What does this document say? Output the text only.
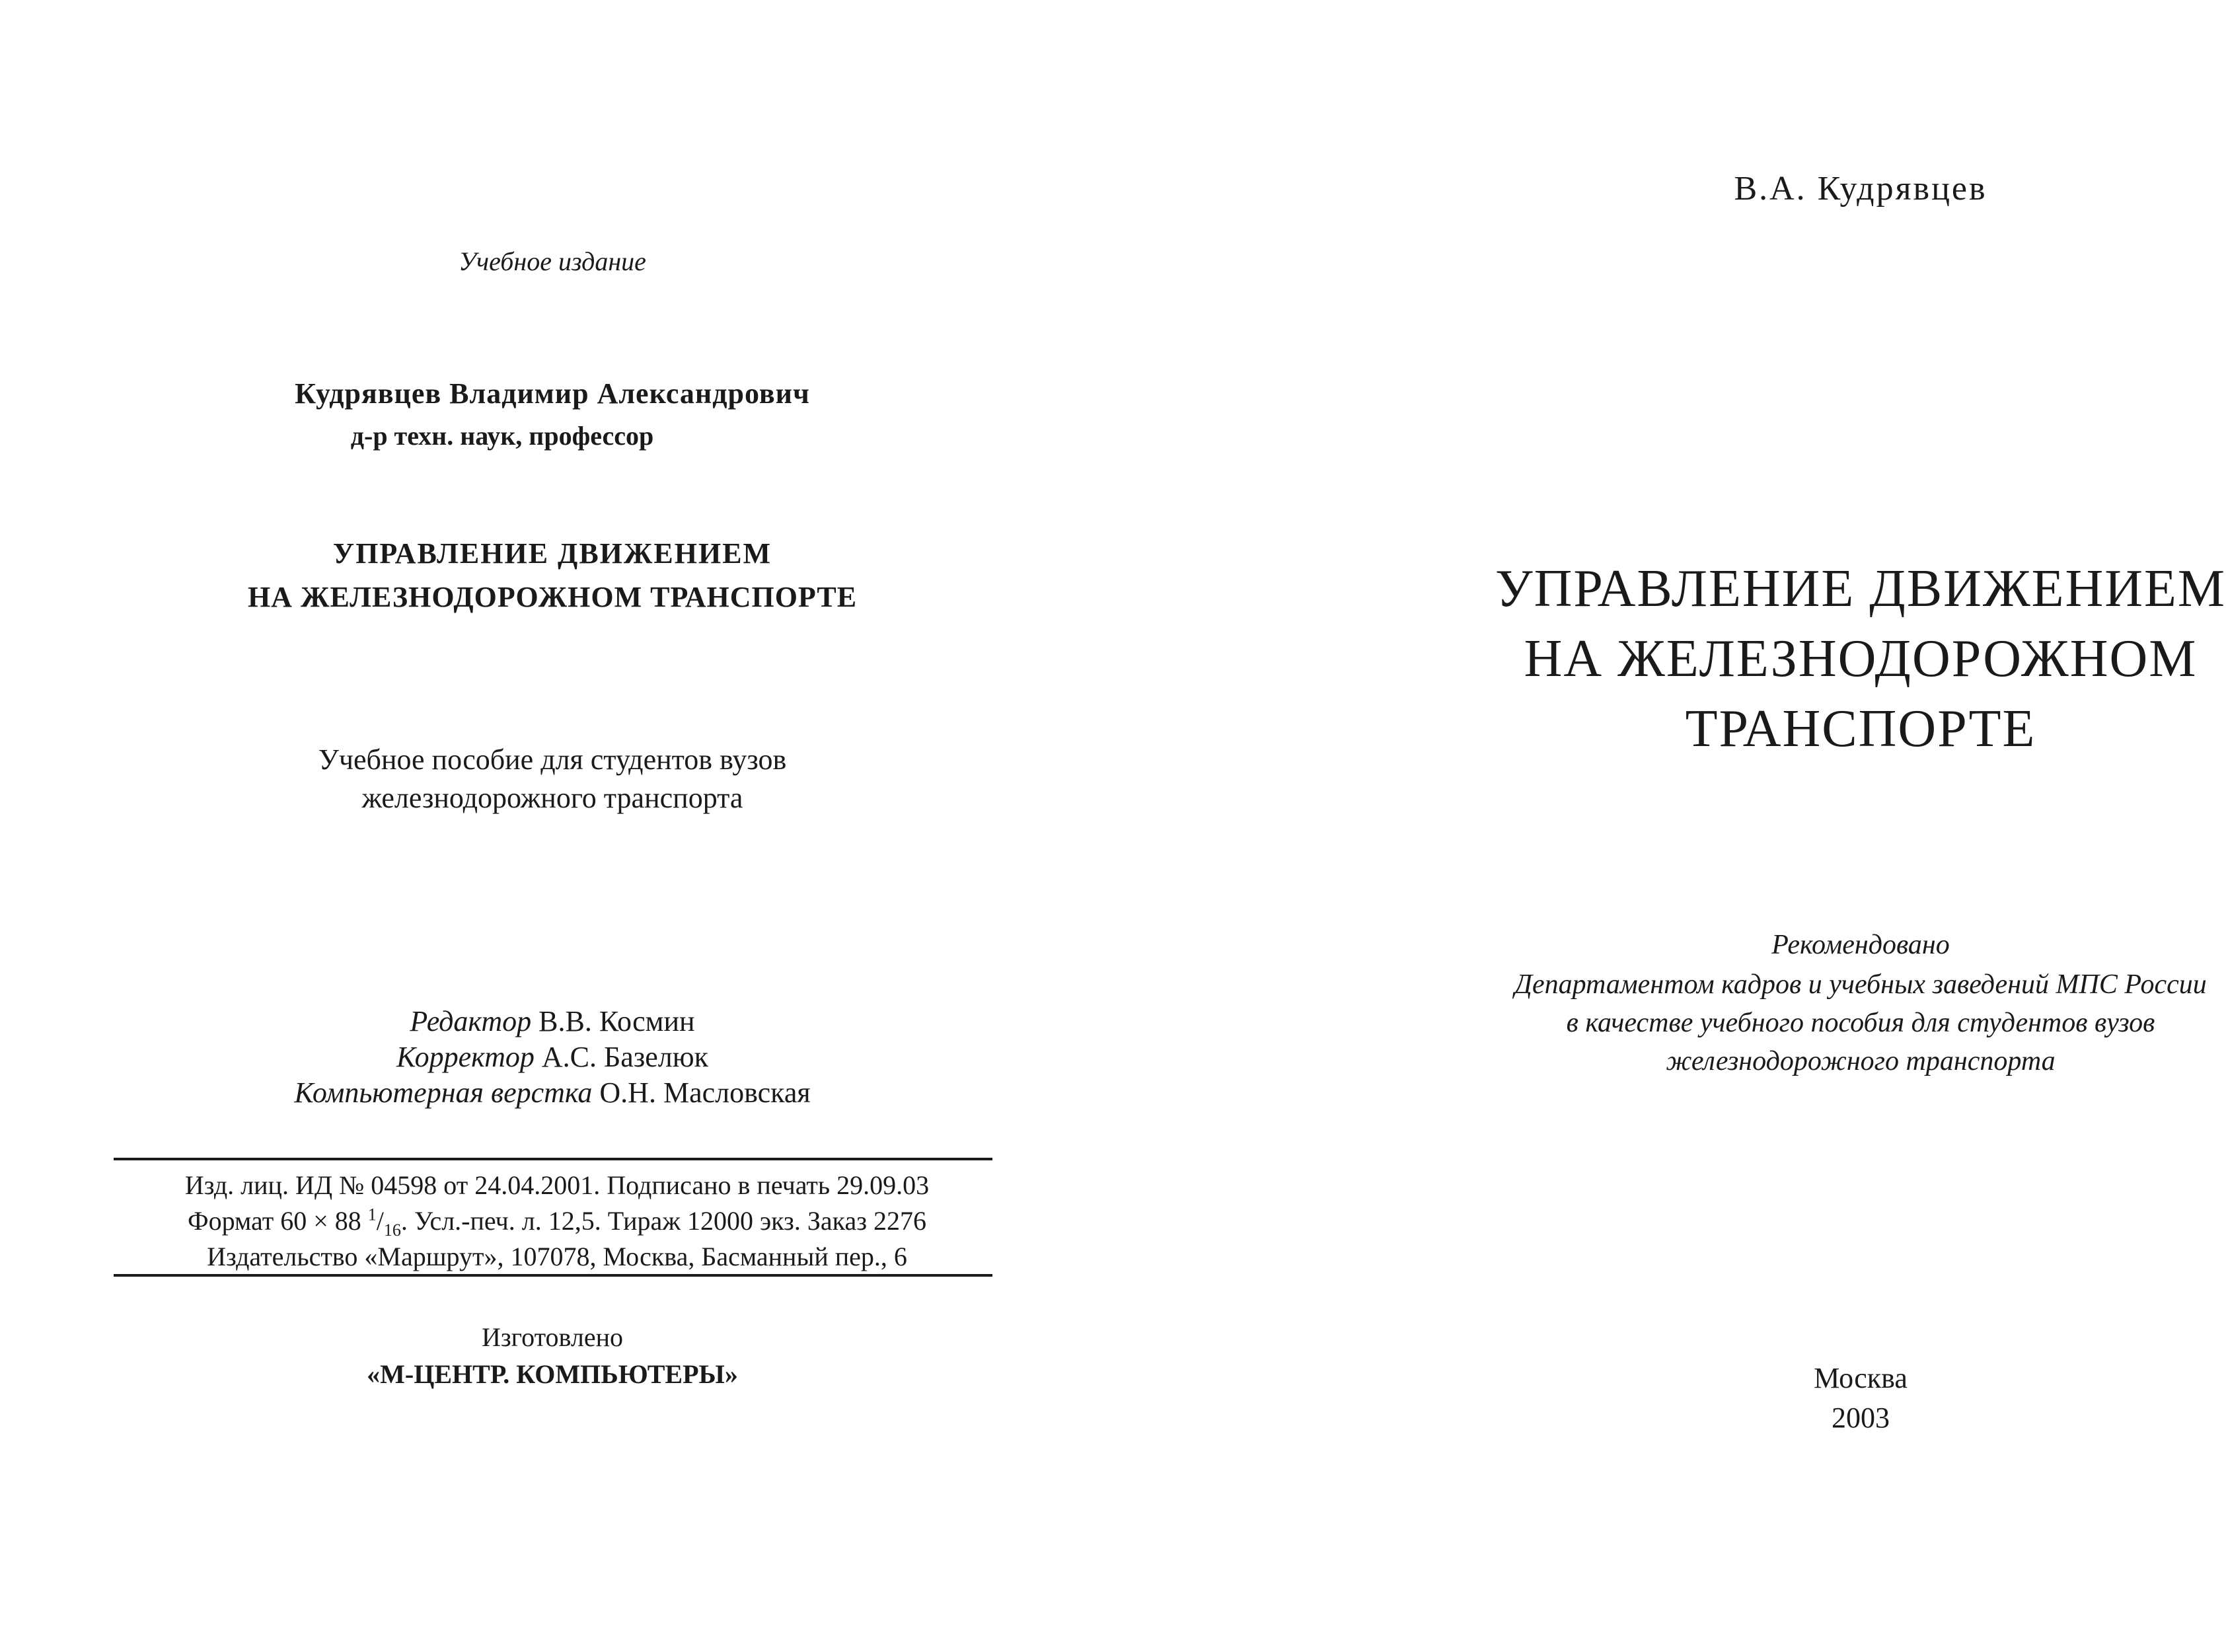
Учебное издание
Кудрявцев Владимир Александрович
д-р техн. наук, профессор
УПРАВЛЕНИЕ ДВИЖЕНИЕМ
НА ЖЕЛЕЗНОДОРОЖНОМ ТРАНСПОРТЕ
Учебное пособие для студентов вузов
железнодорожного транспорта
Редактор В.В. Космин
Корректор А.С. Базелюк
Компьютерная верстка О.Н. Масловская
Изд. лиц. ИД № 04598 от 24.04.2001. Подписано в печать 29.09.03
Формат 60 × 88 $^1/_{16}$. Усл.-печ. л. 12,5. Тираж 12000 экз. Заказ 2276
Издательство «Маршрут», 107078, Москва, Басманный пер., 6
Изготовлено
«М-ЦЕНТР. КОМПЬЮТЕРЫ»
В.А. Кудрявцев
УПРАВЛЕНИЕ ДВИЖЕНИЕМ
НА ЖЕЛЕЗНОДОРОЖНОМ
ТРАНСПОРТЕ
Рекомендовано
Департаментом кадров и учебных заведений МПС России
в качестве учебного пособия для студентов вузов
железнодорожного транспорта
Москва
2003
